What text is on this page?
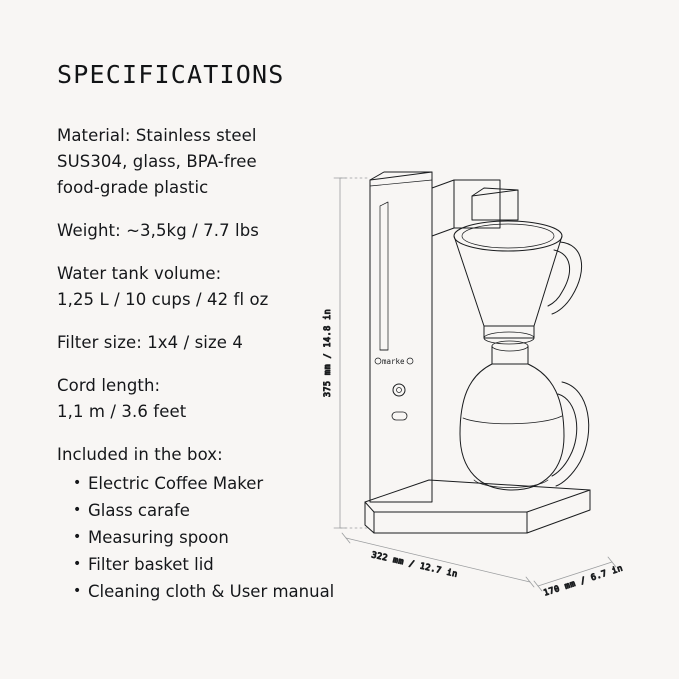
SPECIFICATIONS
Material: Stainless steel
SUS304, glass, BPA-free
food-grade plastic
Weight: ~3,5kg / 7.7 lbs
Water tank volume:
1,25 L / 10 cups / 42 fl oz
Filter size: 1x4 / size 4
Cord length:
1,1 m / 3.6 feet
Included in the box:
• Electric Coffee Maker
• Glass carafe
• Measuring spoon
• Filter basket lid
• Cleaning cloth & User manual
375 mm / 14.8 in
322 mm / 12.7 in	170 mm / 6.7 in
marke
